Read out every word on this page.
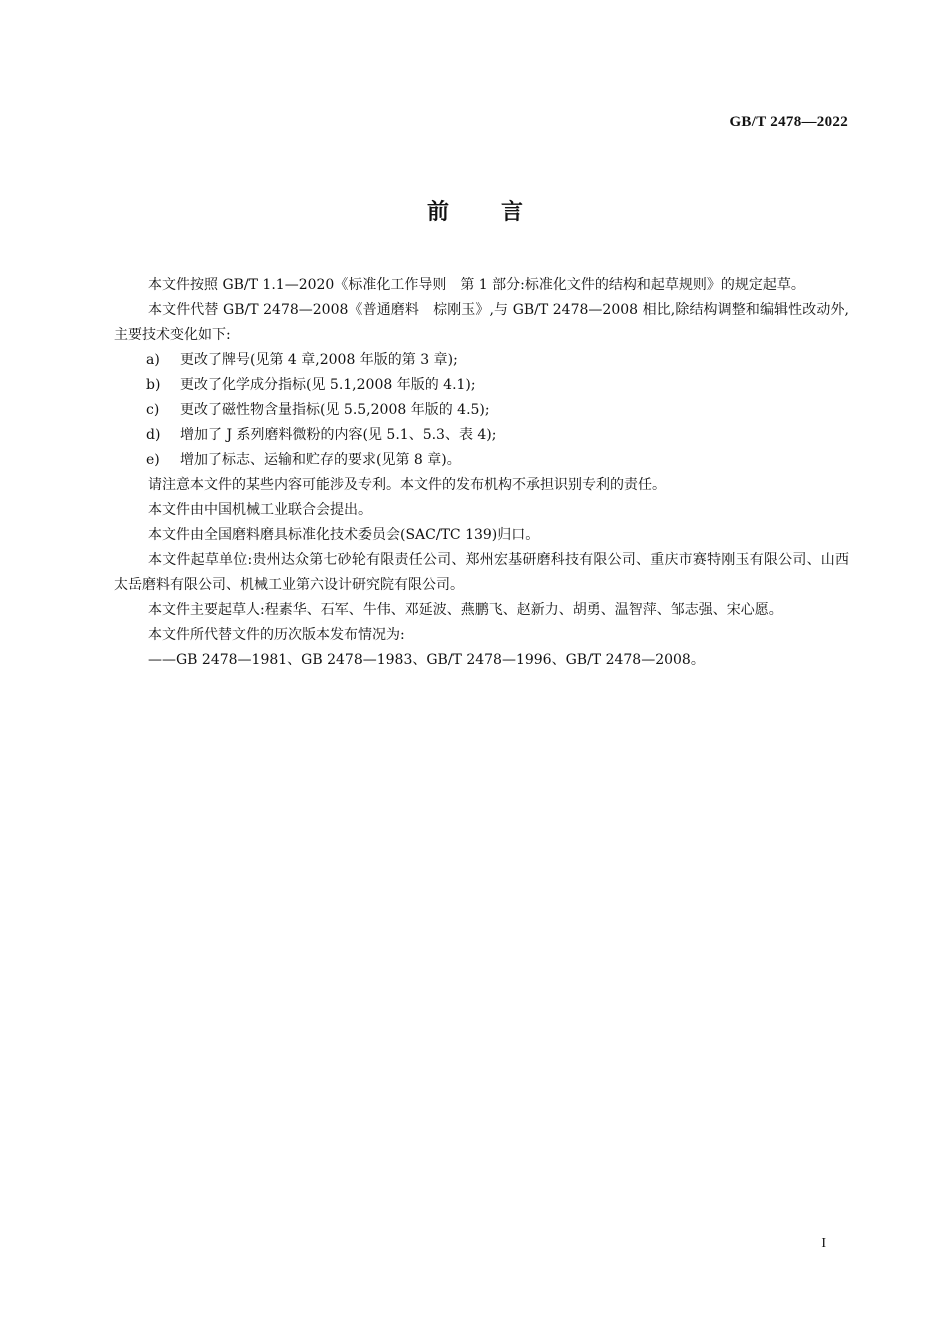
GB/T 2478—2022
前言

本文件按照 GB/T 1.1—2020《标准化工作导则　第 1 部分:标准化文件的结构和起草规则》的规定起草。

本文件代替 GB/T 2478—2008《普通磨料　棕刚玉》,与 GB/T 2478—2008 相比,除结构调整和编辑性改动外,主要技术变化如下:

a) 更改了牌号(见第 4 章,2008 年版的第 3 章);

b) 更改了化学成分指标(见 5.1,2008 年版的 4.1);

c) 更改了磁性物含量指标(见 5.5,2008 年版的 4.5);

d) 增加了 J 系列磨料微粉的内容(见 5.1、5.3、表 4);

e) 增加了标志、运输和贮存的要求(见第 8 章)。

请注意本文件的某些内容可能涉及专利。本文件的发布机构不承担识别专利的责任。

本文件由中国机械工业联合会提出。

本文件由全国磨料磨具标准化技术委员会(SAC/TC 139)归口。

本文件起草单位:贵州达众第七砂轮有限责任公司、郑州宏基研磨科技有限公司、重庆市赛特刚玉有限公司、山西太岳磨料有限公司、机械工业第六设计研究院有限公司。

本文件主要起草人:程素华、石军、牛伟、邓延波、燕鹏飞、赵新力、胡勇、温智萍、邹志强、宋心愿。

本文件所代替文件的历次版本发布情况为:

——GB 2478—1981、GB 2478—1983、GB/T 2478—1996、GB/T 2478—2008。

I
